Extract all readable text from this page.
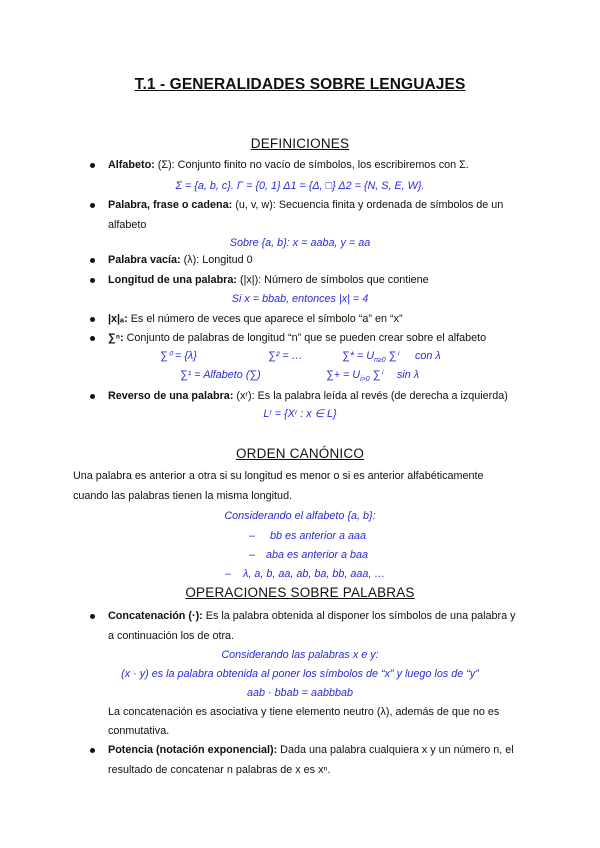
T.1 - GENERALIDADES SOBRE LENGUAJES
DEFINICIONES
Alfabeto: (Σ): Conjunto finito no vacío de símbolos, los escribiremos con Σ.
Σ = {a, b, c}. Γ = {0, 1} Δ1 = {Δ, □} Δ2 = {N, S, E, W}.
Palabra, frase o cadena: (u, v, w): Secuencia finita y ordenada de símbolos de un
alfabeto
Sobre {a, b}: x = aaba, y = aa
Palabra vacía: (λ): Longitud 0
Longitud de una palabra: (|x|): Número de símbolos que contiene
Si x = bbab, entonces |x| = 4
|x|ₐ: Es el número de veces que aparece el símbolo “a” en “x”
∑ⁿ: Conjunto de palabras de longitud “n” que se pueden crear sobre el alfabeto
∑⁰ = {λ}	∑² = …	∑* = $U_{n\ge 0}$ ∑ⁱ con λ
∑¹ = Alfabeto (∑)	∑+ = $U_{i>0}$ ∑ⁱ sin λ
Reverso de una palabra: (xʳ): Es la palabra leída al revés (de derecha a izquierda)
Lʳ = {Xʳ : x ∈ L}
ORDEN CANÓNICO
Una palabra es anterior a otra si su longitud es menor o si es anterior alfabéticamente
cuando las palabras tienen la misma longitud.
Considerando el alfabeto {a, b}:
– bb es anterior a aaa
– aba es anterior a baa
– λ, a, b, aa, ab, ba, bb, aaa, …
OPERACIONES SOBRE PALABRAS
Concatenación (·): Es la palabra obtenida al disponer los símbolos de una palabra y
a continuación los de otra.
Considerando las palabras x e y:
(x · y) es la palabra obtenida al poner los símbolos de “x” y luego los de “y”
aab · bbab = aabbbab
La concatenación es asociativa y tiene elemento neutro (λ), además de que no es
conmutativa.
Potencia (notación exponencial): Dada una palabra cualquiera x y un número n, el
resultado de concatenar n palabras de x es xⁿ.
